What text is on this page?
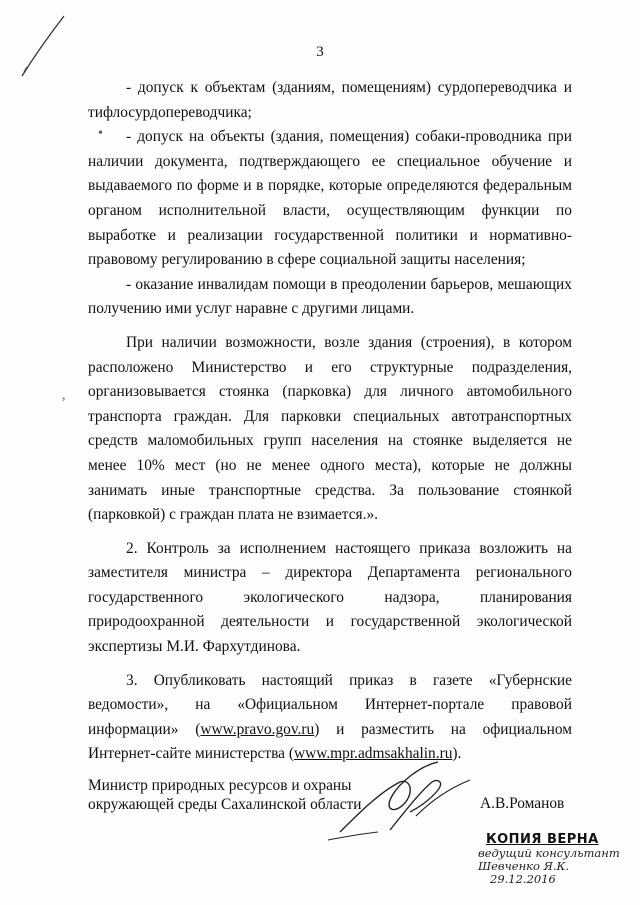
3

- допуск к объектам (зданиям, помещениям) сурдопереводчика и тифлосурдопереводчика;

- допуск на объекты (здания, помещения) собаки-проводника при наличии документа, подтверждающего ее специальное обучение и выдаваемого по форме и в порядке, которые определяются федеральным органом исполнительной власти, осуществляющим функции по выработке и реализации государственной политики и нормативно-правовому регулированию в сфере социальной защиты населения;

- оказание инвалидам помощи в преодолении барьеров, мешающих получению ими услуг наравне с другими лицами.

При наличии возможности, возле здания (строения), в котором расположено Министерство и его структурные подразделения, организовывается стоянка (парковка) для личного автомобильного транспорта граждан. Для парковки специальных автотранспортных средств маломобильных групп населения на стоянке выделяется не менее 10% мест (но не менее одного места), которые не должны занимать иные транспортные средства. За пользование стоянкой (парковкой) с граждан плата не взимается.».

2. Контроль за исполнением настоящего приказа возложить на заместителя министра – директора Департамента регионального государственного экологического надзора, планирования природоохранной деятельности и государственной экологической экспертизы М.И. Фархутдинова.

3. Опубликовать настоящий приказ в газете «Губернские ведомости», на «Официальном Интернет-портале правовой информации» (www.pravo.gov.ru) и разместить на официальном Интернет-сайте министерства (www.mpr.admsakhalin.ru).

•
,
Министр природных ресурсов и охраны
окружающей среды Сахалинской области	А.В.Романов
КОПИЯ ВЕРНА
ведущий консультант
Шевченко Я.К.
29.12.2016
